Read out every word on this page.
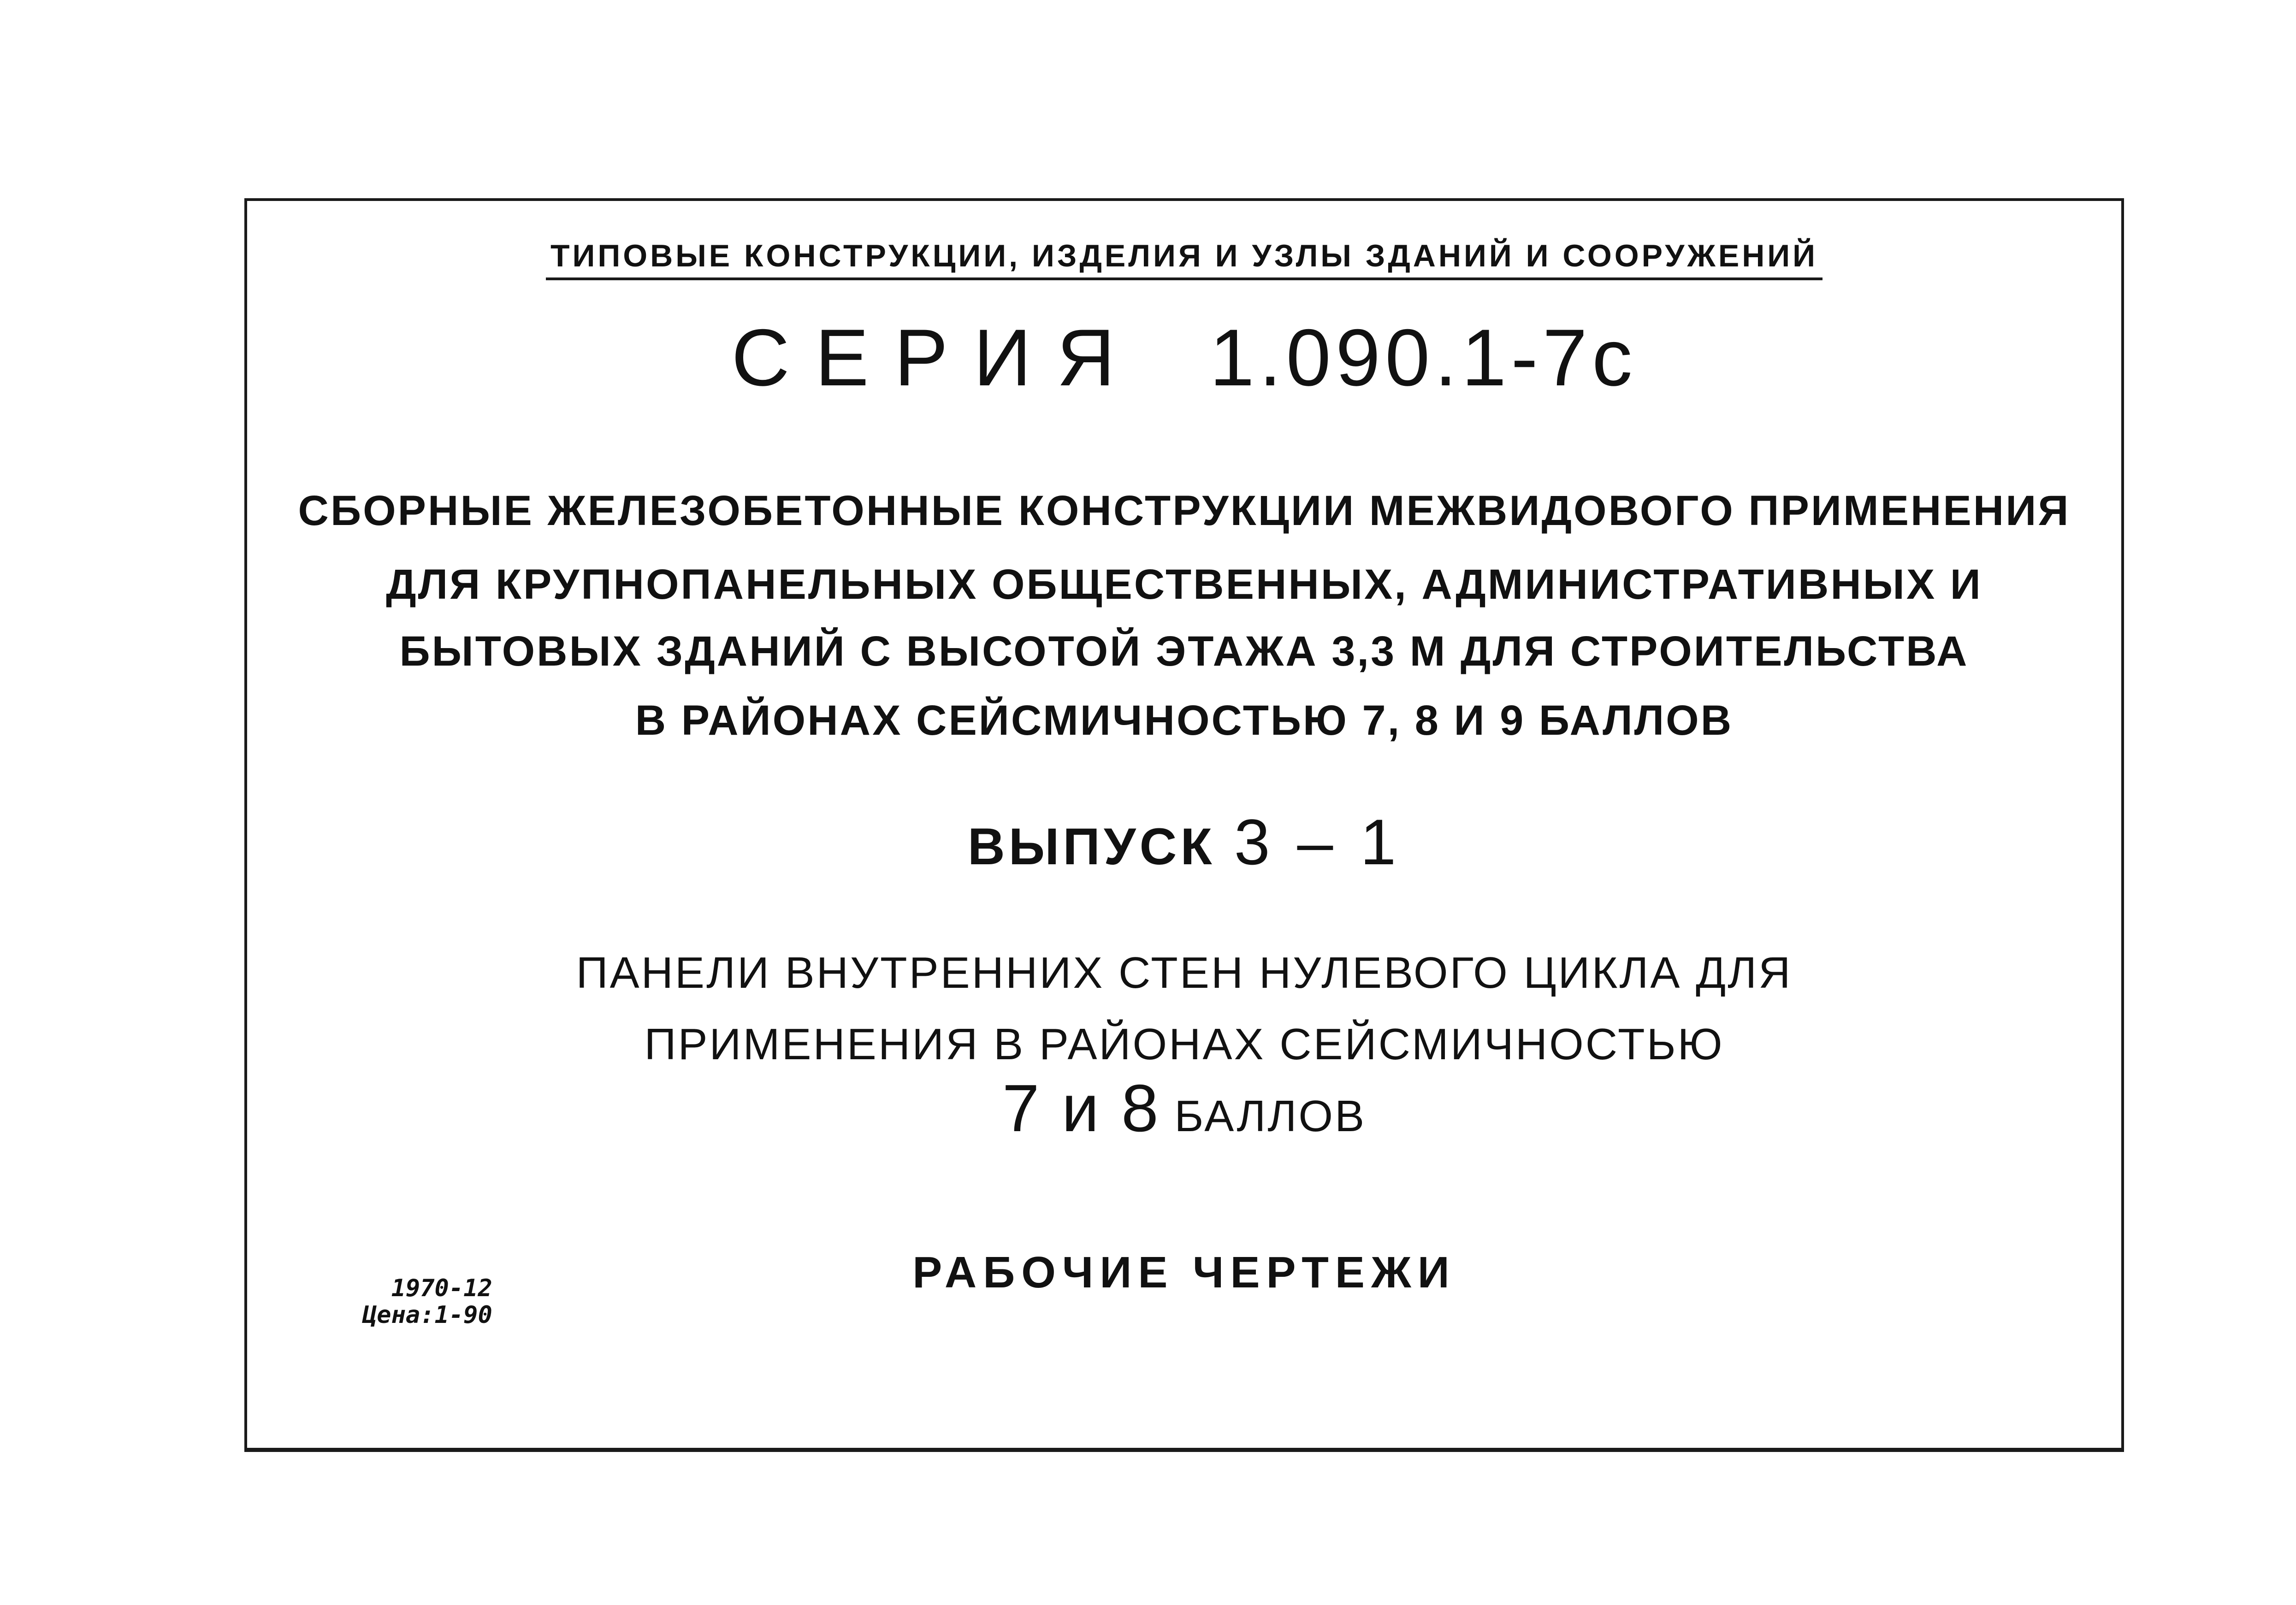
ТИПОВЫЕ КОНСТРУКЦИИ, ИЗДЕЛИЯ И УЗЛЫ ЗДАНИЙ И СООРУЖЕНИЙ
СЕРИЯ 1.090.1-7с
СБОРНЫЕ ЖЕЛЕЗОБЕТОННЫЕ КОНСТРУКЦИИ МЕЖВИДОВОГО ПРИМЕНЕНИЯ
ДЛЯ КРУПНОПАНЕЛЬНЫХ ОБЩЕСТВЕННЫХ, АДМИНИСТРАТИВНЫХ И
БЫТОВЫХ ЗДАНИЙ С ВЫСОТОЙ ЭТАЖА 3,3 М ДЛЯ СТРОИТЕЛЬСТВА
В РАЙОНАХ СЕЙСМИЧНОСТЬЮ 7, 8 И 9 БАЛЛОВ
ВЫПУСК 3 – 1
ПАНЕЛИ ВНУТРЕННИХ СТЕН НУЛЕВОГО ЦИКЛА ДЛЯ
ПРИМЕНЕНИЯ В РАЙОНАХ СЕЙСМИЧНОСТЬЮ
7 и 8 БАЛЛОВ
РАБОЧИЕ ЧЕРТЕЖИ
1970-12
Цена:1-90
